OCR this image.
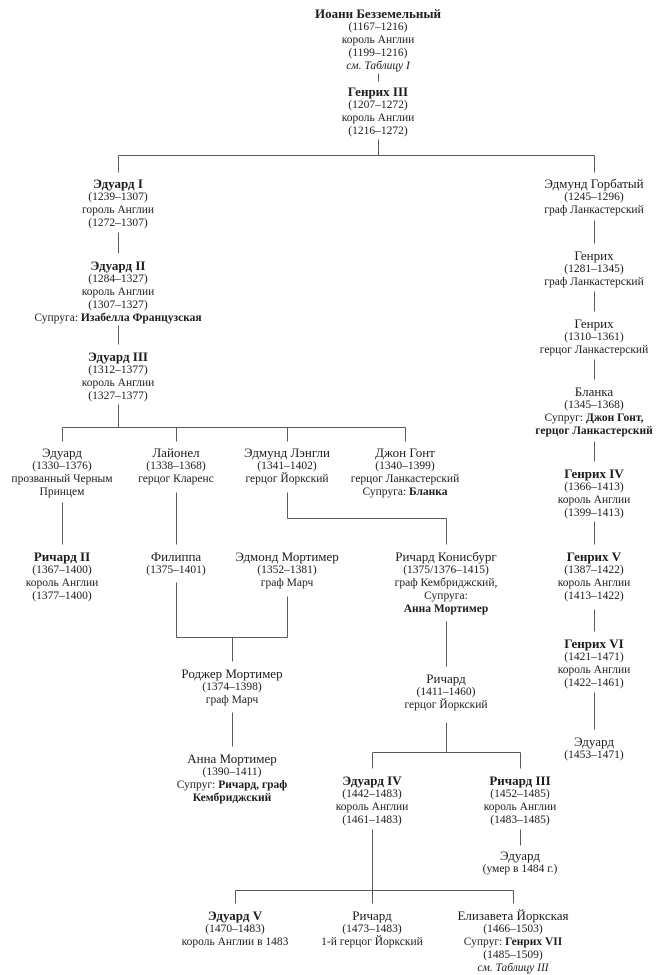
Иоанн Безземельный
(1167–1216)
король Англии
(1199–1216)
см. Таблицу I
Генрих III
(1207–1272)
король Англии
(1216–1272)
Эдуард I
(1239–1307)
гороль Англии
(1272–1307)
Эдуард II
(1284–1327)
король Англии
(1307–1327)
Супруга: Изабелла Французская
Эдуард III
(1312–1377)
король Англии
(1327–1377)
Эдмунд Горбатый
(1245–1296)
граф Ланкастерский
Генрих
(1281–1345)
граф Ланкастерский
Генрих
(1310–1361)
герцог Ланкастерский
Бланка
(1345–1368)
Супруг: Джон Гонт,
герцог Ланкастерский
Генрих IV
(1366–1413)
король Англии
(1399–1413)
Генрих V
(1387–1422)
король Англии
(1413–1422)
Генрих VI
(1421–1471)
король Англии
(1422–1461)
Эдуард
(1453–1471)
Эдуард
(1330–1376)
прозванный Черным
Принцем
Лайонел
(1338–1368)
герцог Кларенс
Эдмунд Лэнгли
(1341–1402)
герцог Йоркский
Джон Гонт
(1340–1399)
герцог Ланкастерский
Супруга: Бланка
Ричард II
(1367–1400)
король Англии
(1377–1400)
Филиппа
(1375–1401)
Эдмонд Мортимер
(1352–1381)
граф Марч
Ричард Конисбург
(1375/1376–1415)
граф Кембриджский,
Супруга:
Анна Мортимер
Роджер Мортимер
(1374–1398)
граф Марч
Анна Мортимер
(1390–1411)
Супруг: Ричард, граф
Кембриджский
Ричард
(1411–1460)
герцог Йоркский
Эдуард IV
(1442–1483)
король Англии
(1461–1483)
Ричард III
(1452–1485)
король Англии
(1483–1485)
Эдуард
(умер в 1484 г.)
Эдуард V
(1470–1483)
король Англии в 1483
Ричард
(1473–1483)
1-й герцог Йоркский
Елизавета Йоркская
(1466–1503)
Супруг: Генрих VII
(1485–1509)
см. Таблицу III
